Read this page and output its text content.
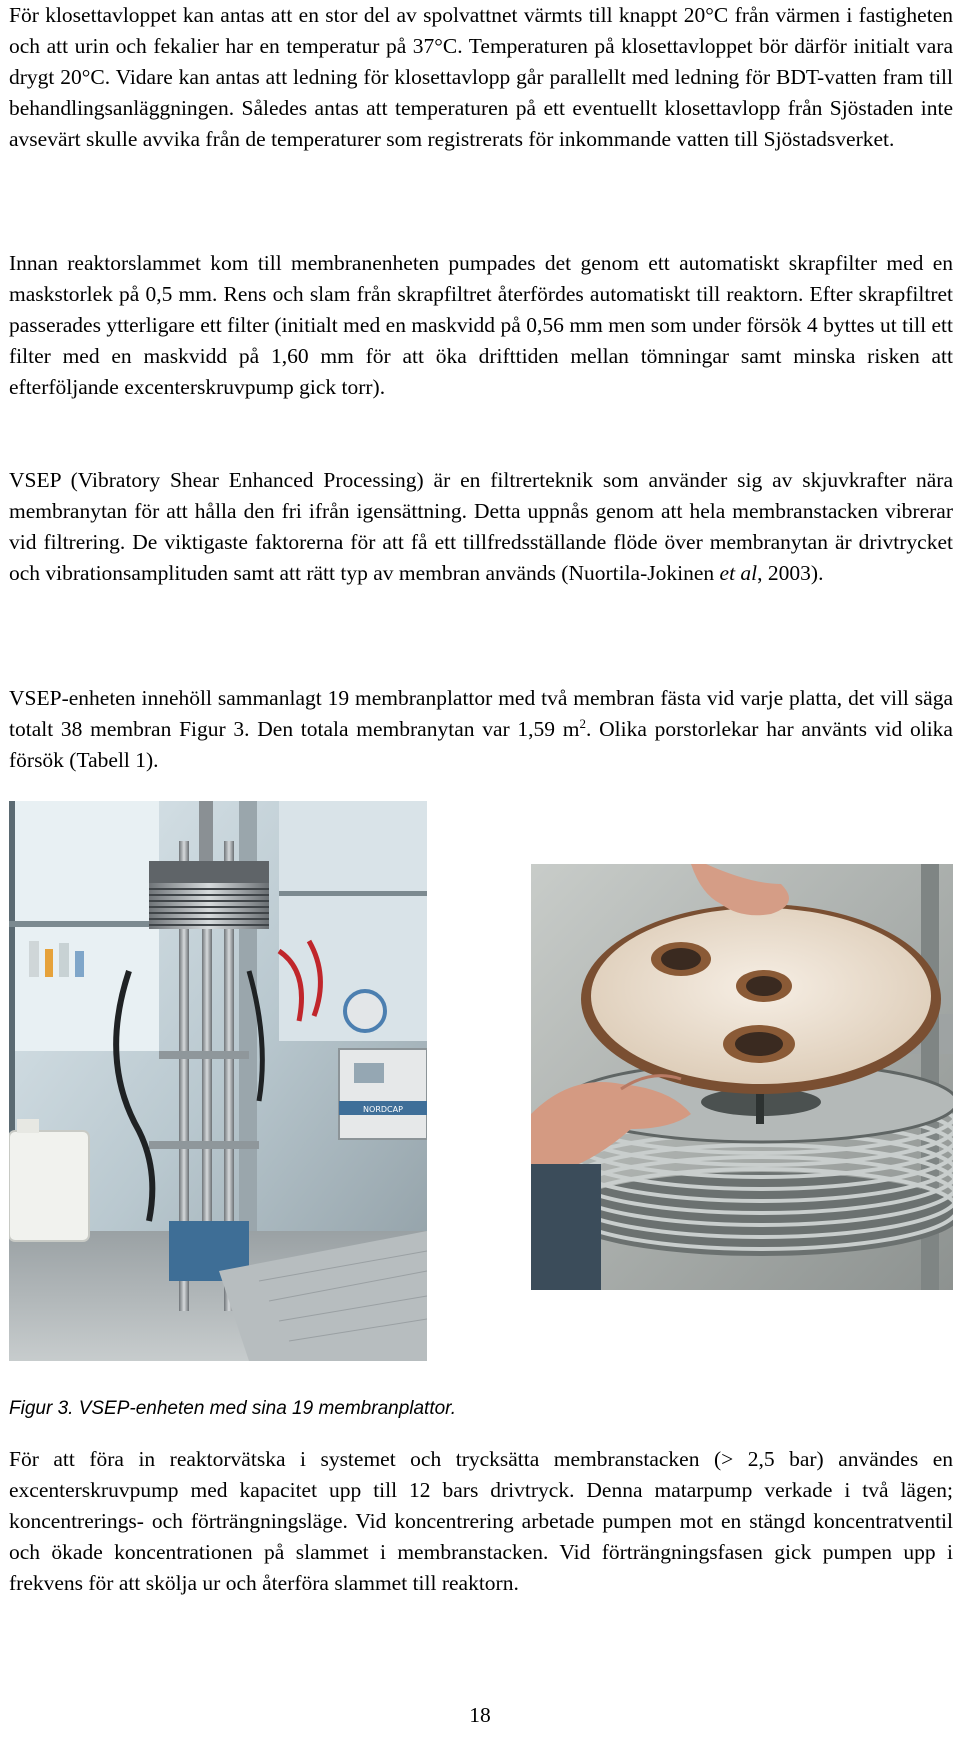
För klosettavloppet kan antas att en stor del av spolvattnet värmts till knappt 20°C från värmen i fastigheten och att urin och fekalier har en temperatur på 37°C. Temperaturen på klosettavloppet bör därför initialt vara drygt 20°C. Vidare kan antas att ledning för klosettavlopp går parallellt med ledning för BDT-vatten fram till behandlingsanläggningen. Således antas att temperaturen på ett eventuellt klosettavlopp från Sjöstaden inte avsevärt skulle avvika från de temperaturer som registrerats för inkommande vatten till Sjöstadsverket.

Innan reaktorslammet kom till membranenheten pumpades det genom ett automatiskt skrapfilter med en maskstorlek på 0,5 mm. Rens och slam från skrapfiltret återfördes automatiskt till reaktorn. Efter skrapfiltret passerades ytterligare ett filter (initialt med en maskvidd på 0,56 mm men som under försök 4 byttes ut till ett filter med en maskvidd på 1,60 mm för att öka drifttiden mellan tömningar samt minska risken att efterföljande excenterskruvpump gick torr).

VSEP (Vibratory Shear Enhanced Processing) är en filtrerteknik som använder sig av skjuvkrafter nära membranytan för att hålla den fri ifrån igensättning. Detta uppnås genom att hela membranstacken vibrerar vid filtrering. De viktigaste faktorerna för att få ett tillfredsställande flöde över membranytan är drivtrycket och vibrationsamplituden samt att rätt typ av membran används (Nuortila-Jokinen et al, 2003).

VSEP-enheten innehöll sammanlagt 19 membranplattor med två membran fästa vid varje platta, det vill säga totalt 38 membran Figur 3. Den totala membranytan var 1,59 $m^2$. Olika porstorlekar har använts vid olika försök (Tabell 1).

NORDCAP
Figur 3. VSEP-enheten med sina 19 membranplattor.

För att föra in reaktorvätska i systemet och trycksätta membranstacken (> 2,5 bar) användes en excenterskruvpump med kapacitet upp till 12 bars drivtryck. Denna matarpump verkade i två lägen; koncentrerings- och förträngningsläge. Vid koncentrering arbetade pumpen mot en stängd koncentratventil och ökade koncentrationen på slammet i membranstacken. Vid förträngningsfasen gick pumpen upp i frekvens för att skölja ur och återföra slammet till reaktorn.

18
